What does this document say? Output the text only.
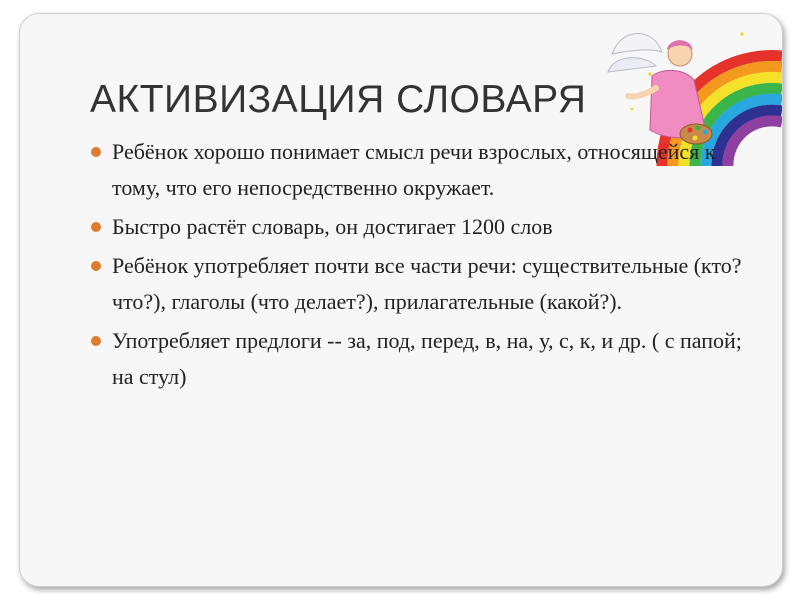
АКТИВИЗАЦИЯ СЛОВАРЯ
Ребёнок хорошо понимает смысл речи взрослых, относящейся к тому, что его непосредственно окружает.
Быстро растёт словарь, он достигает 1200 слов
Ребёнок употребляет почти все части речи: существительные (кто? что?), глаголы (что делает?), прилагательные (какой?).
Употребляет предлоги -- за, под, перед, в, на, у, с, к, и др. ( с папой; на стул)
